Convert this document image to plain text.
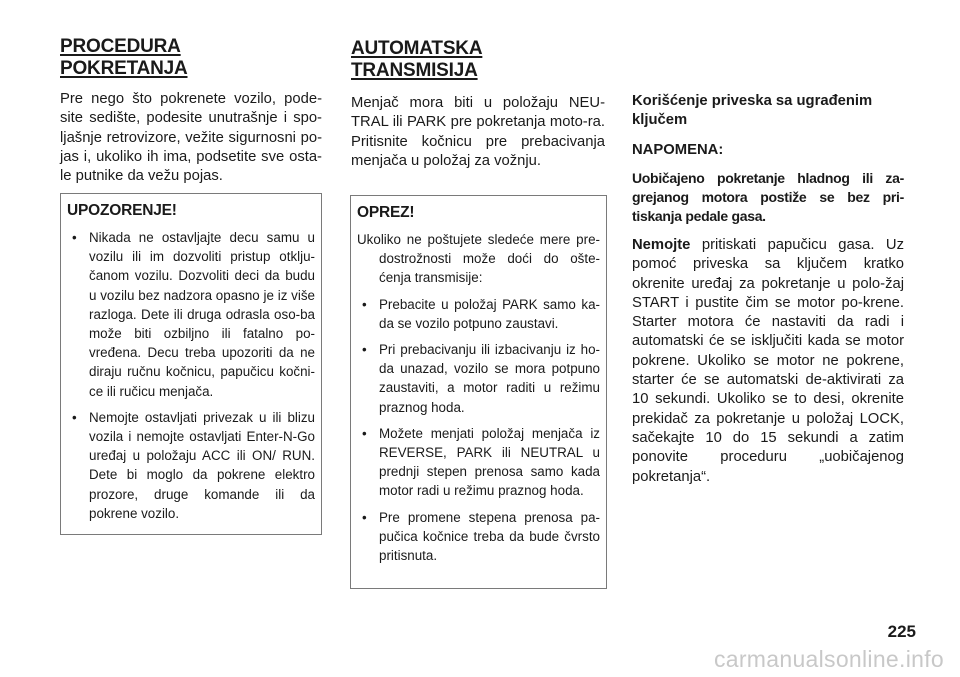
PROCEDURA
POKRETANJA

Pre nego što pokrenete vozilo, pode-site sedište, podesite unutrašnje i spo-ljašnje retrovizore, vežite sigurnosni po-jas i, ukoliko ih ima, podsetite sve osta-le putnike da vežu pojas.

UPOZORENJE!

• Nikada ne ostavljajte decu samu u vozilu ili im dozvoliti pristup otklju-čanom vozilu. Dozvoliti deci da budu u vozilu bez nadzora opasno je iz više razloga. Dete ili druga odrasla oso-ba može biti ozbiljno ili fatalno po-vređena. Decu treba upozoriti da ne diraju ručnu kočnicu, papučicu kočni-ce ili ručicu menjača.
• Nemojte ostavljati privezak u ili blizu vozila i nemojte ostavljati Enter-N-Go uređaj u položaju ACC ili ON/ RUN. Dete bi moglo da pokrene elektro prozore, druge komande ili da pokrene vozilo.
AUTOMATSKA
TRANSMISIJA

Menjač mora biti u položaju NEU-TRAL ili PARK pre pokretanja moto-ra. Pritisnite kočnicu pre prebacivanja menjača u položaj za vožnju.

OPREZ!

Ukoliko ne poštujete sledeće mere pre-dostrožnosti može doći do ošte-ćenja transmisije:

• Prebacite u položaj PARK samo ka-da se vozilo potpuno zaustavi.
• Pri prebacivanju ili izbacivanju iz ho-da unazad, vozilo se mora potpuno zaustaviti, a motor raditi u režimu praznog hoda.
• Možete menjati položaj menjača iz REVERSE, PARK ili NEUTRAL u prednji stepen prenosa samo kada motor radi u režimu praznog hoda.
• Pre promene stepena prenosa pa-pučica kočnice treba da bude čvrsto pritisnuta.

Korišćenje priveska sa ugrađenim ključem

NAPOMENA:

Uobičajeno pokretanje hladnog ili za-grejanog motora postiže se bez pri-tiskanja pedale gasa.

Nemojte pritiskati papučicu gasa. Uz pomoć priveska sa ključem kratko okrenite uređaj za pokretanje u polo-žaj START i pustite čim se motor po-krene. Starter motora će nastaviti da radi i automatski će se isključiti kada se motor pokrene. Ukoliko se motor ne pokrene, starter će se automatski de-aktivirati za 10 sekundi. Ukoliko se to desi, okrenite prekidač za pokretanje u položaj LOCK, sačekajte 10 do 15 sekundi a zatim ponovite proceduru „uobičajenog pokretanja“.

225
carmanualsonline.info
